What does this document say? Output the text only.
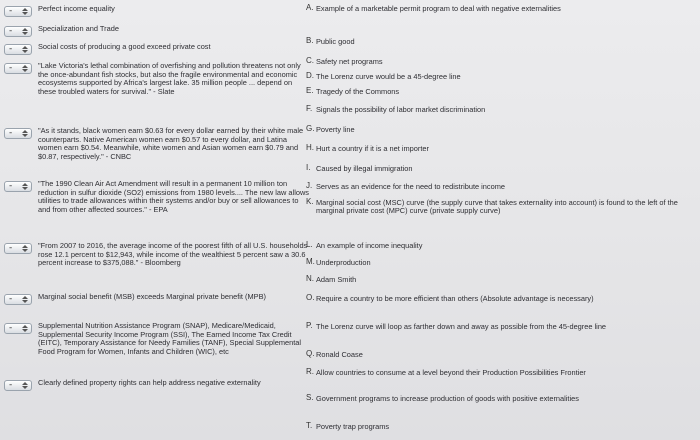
-	Perfect income equality
-	Specialization and Trade
-	Social costs of producing a good exceed private cost
-	"Lake Victoria's lethal combination of overfishing and pollution threatens not only the once-abundant fish stocks, but also the fragile environmental and economic ecosystems supported by Africa's largest lake. 35 million people ... depend on these troubled waters for survival." - Slate
-	"As it stands, black women earn $0.63 for every dollar earned by their white male counterparts. Native American women earn $0.57 to every dollar, and Latina women earn $0.54. Meanwhile, white women and Asian women earn $0.79 and $0.87, respectively." - CNBC
-	"The 1990 Clean Air Act Amendment will result in a permanent 10 million ton reduction in sulfur dioxide (SO2) emissions from 1980 levels.... The new law allows utilities to trade allowances within their systems and/or buy or sell allowances to and from other affected sources." - EPA
-	"From 2007 to 2016, the average income of the poorest fifth of all U.S. households rose 12.1 percent to $12,943, while income of the wealthiest 5 percent saw a 30.6 percent increase to $375,088." - Bloomberg
-	Marginal social benefit (MSB) exceeds Marginal private benefit (MPB)
-	Supplemental Nutrition Assistance Program (SNAP), Medicare/Medicaid, Supplemental Security Income Program (SSI), The Earned Income Tax Credit (EITC), Temporary Assistance for Needy Families (TANF), Special Supplemental Food Program for Women, Infants and Children (WIC), etc
-	Clearly defined property rights can help address negative externality
A. Example of a marketable permit program to deal with negative externalities
B. Public good
C. Safety net programs
D. The Lorenz curve would be a 45-degree line
E. Tragedy of the Commons
F. Signals the possibility of labor market discrimination
G. Poverty line
H. Hurt a country if it is a net importer
I. Caused by illegal immigration
J. Serves as an evidence for the need to redistribute income
K. Marginal social cost (MSC) curve (the supply curve that takes externality into account) is found to the left of the marginal private cost (MPC) curve (private supply curve)
L. An example of income inequality
M. Underproduction
N. Adam Smith
O. Require a country to be more efficient than others (Absolute advantage is necessary)
P. The Lorenz curve will loop as farther down and away as possible from the 45-degree line
Q. Ronald Coase
R. Allow countries to consume at a level beyond their Production Possibilities Frontier
S. Government programs to increase production of goods with positive externalities
T. Poverty trap programs
